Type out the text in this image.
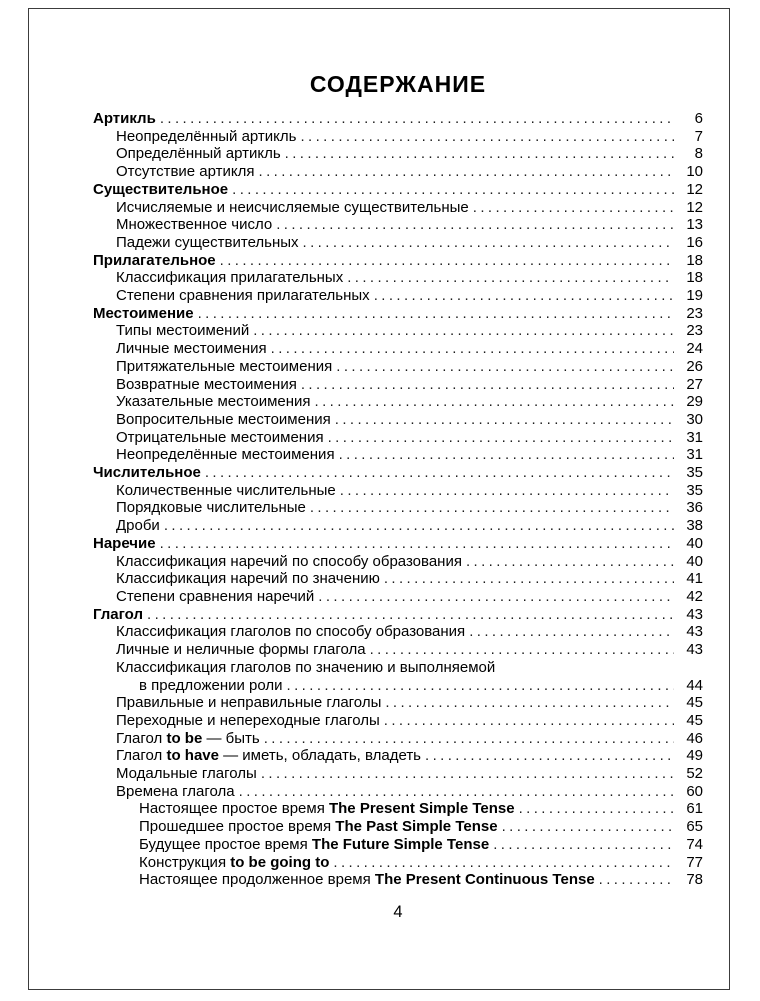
СОДЕРЖАНИЕ
Артикль .....	6
Неопределённый артикль .....	7
Определённый артикль .....	8
Отсутствие артикля .....	10
Существительное .....	12
Исчисляемые и неисчисляемые существительные .....	12
Множественное число .....	13
Падежи существительных .....	16
Прилагательное .....	18
Классификация прилагательных .....	18
Степени сравнения прилагательных .....	19
Местоимение .....	23
Типы местоимений .....	23
Личные местоимения .....	24
Притяжательные местоимения .....	26
Возвратные местоимения .....	27
Указательные местоимения .....	29
Вопросительные местоимения .....	30
Отрицательные местоимения .....	31
Неопределённые местоимения .....	31
Числительное .....	35
Количественные числительные .....	35
Порядковые числительные .....	36
Дроби .....	38
Наречие .....	40
Классификация наречий по способу образования .....	40
Классификация наречий по значению .....	41
Степени сравнения наречий .....	42
Глагол .....	43
Классификация глаголов по способу образования .....	43
Личные и неличные формы глагола .....	43
Классификация глаголов по значению и выполняемой
в предложении роли .....	44
Правильные и неправильные глаголы .....	45
Переходные и непереходные глаголы .....	45
Глагол to be — быть .....	46
Глагол to have — иметь, обладать, владеть .....	49
Модальные глаголы .....	52
Времена глагола .....	60
Настоящее простое время The Present Simple Tense .....	61
Прошедшее простое время The Past Simple Tense .....	65
Будущее простое время The Future Simple Tense .....	74
Конструкция to be going to .....	77
Настоящее продолженное время The Present Continuous Tense .....	78
4
